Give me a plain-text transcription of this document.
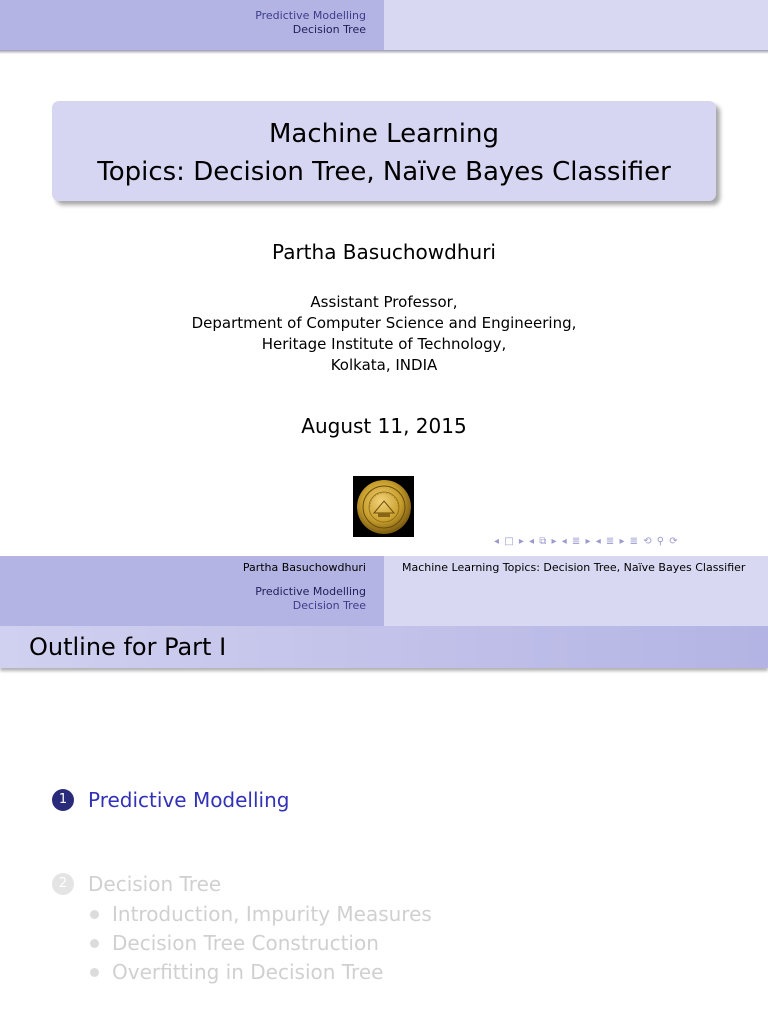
Predictive Modelling
Decision Tree
Machine Learning
Topics: Decision Tree, Naïve Bayes Classifier
Partha Basuchowdhuri
Assistant Professor,
Department of Computer Science and Engineering,
Heritage Institute of Technology,
Kolkata, INDIA
August 11, 2015
◂ □ ▸ ◂ ⧉ ▸ ◂ ≣ ▸ ◂ ≣ ▸ ≣ ⟲ ⚲ ⟳
Partha Basuchowdhuri	Machine Learning Topics: Decision Tree, Naïve Bayes Classifier
Predictive Modelling
Decision Tree
Outline for Part I
1	Predictive Modelling
2	Decision Tree
Introduction, Impurity Measures
Decision Tree Construction
Overfitting in Decision Tree
